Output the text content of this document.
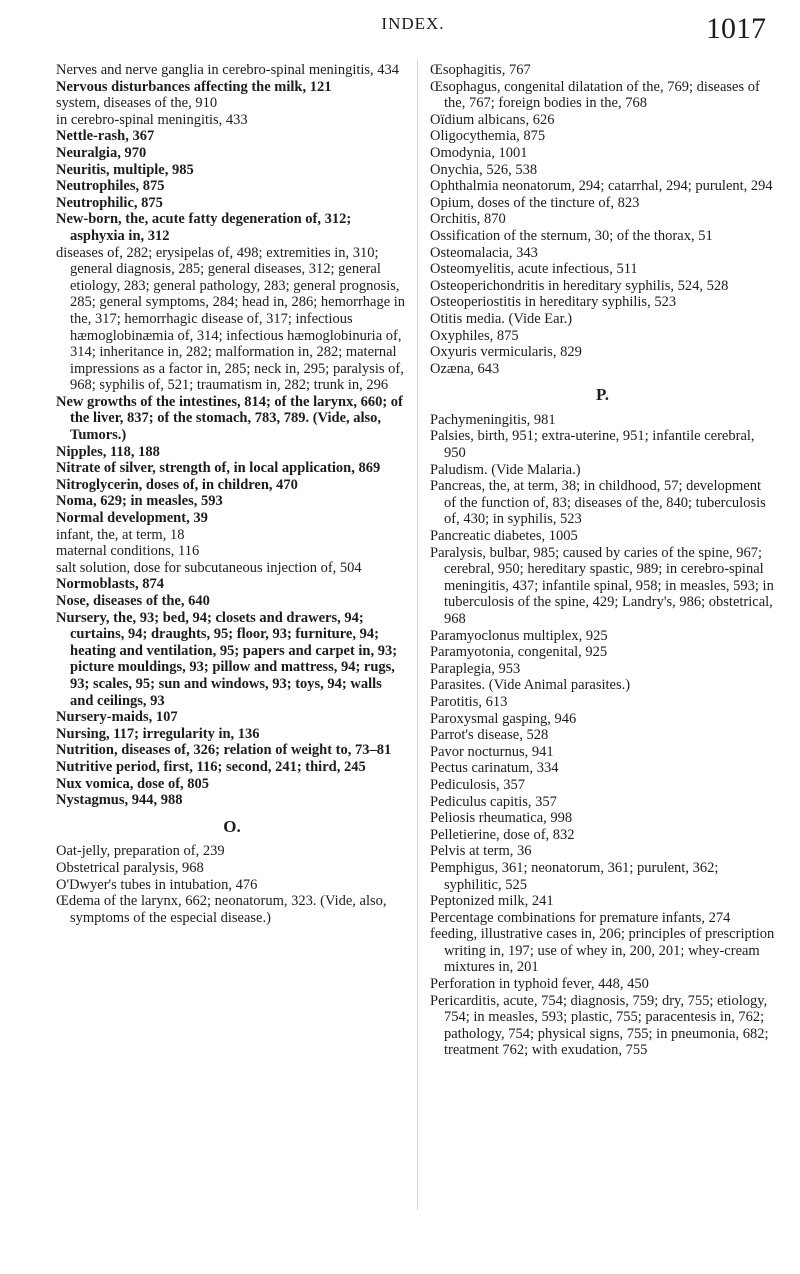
INDEX.	1017

Nerves and nerve ganglia in cerebro-spinal meningitis, 434

Nervous disturbances affecting the milk, 121

system, diseases of the, 910

in cerebro-spinal meningitis, 433

Nettle-rash, 367

Neuralgia, 970

Neuritis, multiple, 985

Neutrophiles, 875

Neutrophilic, 875

New-born, the, acute fatty degeneration of, 312; asphyxia in, 312

diseases of, 282; erysipelas of, 498; extremities in, 310; general diagnosis, 285; general diseases, 312; general etiology, 283; general pathology, 283; general prognosis, 285; general symptoms, 284; head in, 286; hemorrhage in the, 317; hemorrhagic disease of, 317; infectious hæmoglobinæmia of, 314; infectious hæmoglobinuria of, 314; inheritance in, 282; malformation in, 282; maternal impressions as a factor in, 285; neck in, 295; paralysis of, 968; syphilis of, 521; traumatism in, 282; trunk in, 296

New growths of the intestines, 814; of the larynx, 660; of the liver, 837; of the stomach, 783, 789. (Vide, also, Tumors.)

Nipples, 118, 188

Nitrate of silver, strength of, in local application, 869

Nitroglycerin, doses of, in children, 470

Noma, 629; in measles, 593

Normal development, 39

infant, the, at term, 18

maternal conditions, 116

salt solution, dose for subcutaneous injection of, 504

Normoblasts, 874

Nose, diseases of the, 640

Nursery, the, 93; bed, 94; closets and drawers, 94; curtains, 94; draughts, 95; floor, 93; furniture, 94; heating and ventilation, 95; papers and carpet in, 93; picture mouldings, 93; pillow and mattress, 94; rugs, 93; scales, 95; sun and windows, 93; toys, 94; walls and ceilings, 93

Nursery-maids, 107

Nursing, 117; irregularity in, 136

Nutrition, diseases of, 326; relation of weight to, 73–81

Nutritive period, first, 116; second, 241; third, 245

Nux vomica, dose of, 805

Nystagmus, 944, 988

O.

Oat-jelly, preparation of, 239

Obstetrical paralysis, 968

O'Dwyer's tubes in intubation, 476

Œdema of the larynx, 662; neonatorum, 323. (Vide, also, symptoms of the especial disease.)

Œsophagitis, 767

Œsophagus, congenital dilatation of the, 769; diseases of the, 767; foreign bodies in the, 768

Oïdium albicans, 626

Oligocythemia, 875

Omodynia, 1001

Onychia, 526, 538

Ophthalmia neonatorum, 294; catarrhal, 294; purulent, 294

Opium, doses of the tincture of, 823

Orchitis, 870

Ossification of the sternum, 30; of the thorax, 51

Osteomalacia, 343

Osteomyelitis, acute infectious, 511

Osteoperichondritis in hereditary syphilis, 524, 528

Osteoperiostitis in hereditary syphilis, 523

Otitis media. (Vide Ear.)

Oxyphiles, 875

Oxyuris vermicularis, 829

Ozæna, 643

P.

Pachymeningitis, 981

Palsies, birth, 951; extra-uterine, 951; infantile cerebral, 950

Paludism. (Vide Malaria.)

Pancreas, the, at term, 38; in childhood, 57; development of the function of, 83; diseases of the, 840; tuberculosis of, 430; in syphilis, 523

Pancreatic diabetes, 1005

Paralysis, bulbar, 985; caused by caries of the spine, 967; cerebral, 950; hereditary spastic, 989; in cerebro-spinal meningitis, 437; infantile spinal, 958; in measles, 593; in tuberculosis of the spine, 429; Landry's, 986; obstetrical, 968

Paramyoclonus multiplex, 925

Paramyotonia, congenital, 925

Paraplegia, 953

Parasites. (Vide Animal parasites.)

Parotitis, 613

Paroxysmal gasping, 946

Parrot's disease, 528

Pavor nocturnus, 941

Pectus carinatum, 334

Pediculosis, 357

Pediculus capitis, 357

Peliosis rheumatica, 998

Pelletierine, dose of, 832

Pelvis at term, 36

Pemphigus, 361; neonatorum, 361; purulent, 362; syphilitic, 525

Peptonized milk, 241

Percentage combinations for premature infants, 274

feeding, illustrative cases in, 206; principles of prescription writing in, 197; use of whey in, 200, 201; whey-cream mixtures in, 201

Perforation in typhoid fever, 448, 450

Pericarditis, acute, 754; diagnosis, 759; dry, 755; etiology, 754; in measles, 593; plastic, 755; paracentesis in, 762; pathology, 754; physical signs, 755; in pneumonia, 682; treatment 762; with exudation, 755
